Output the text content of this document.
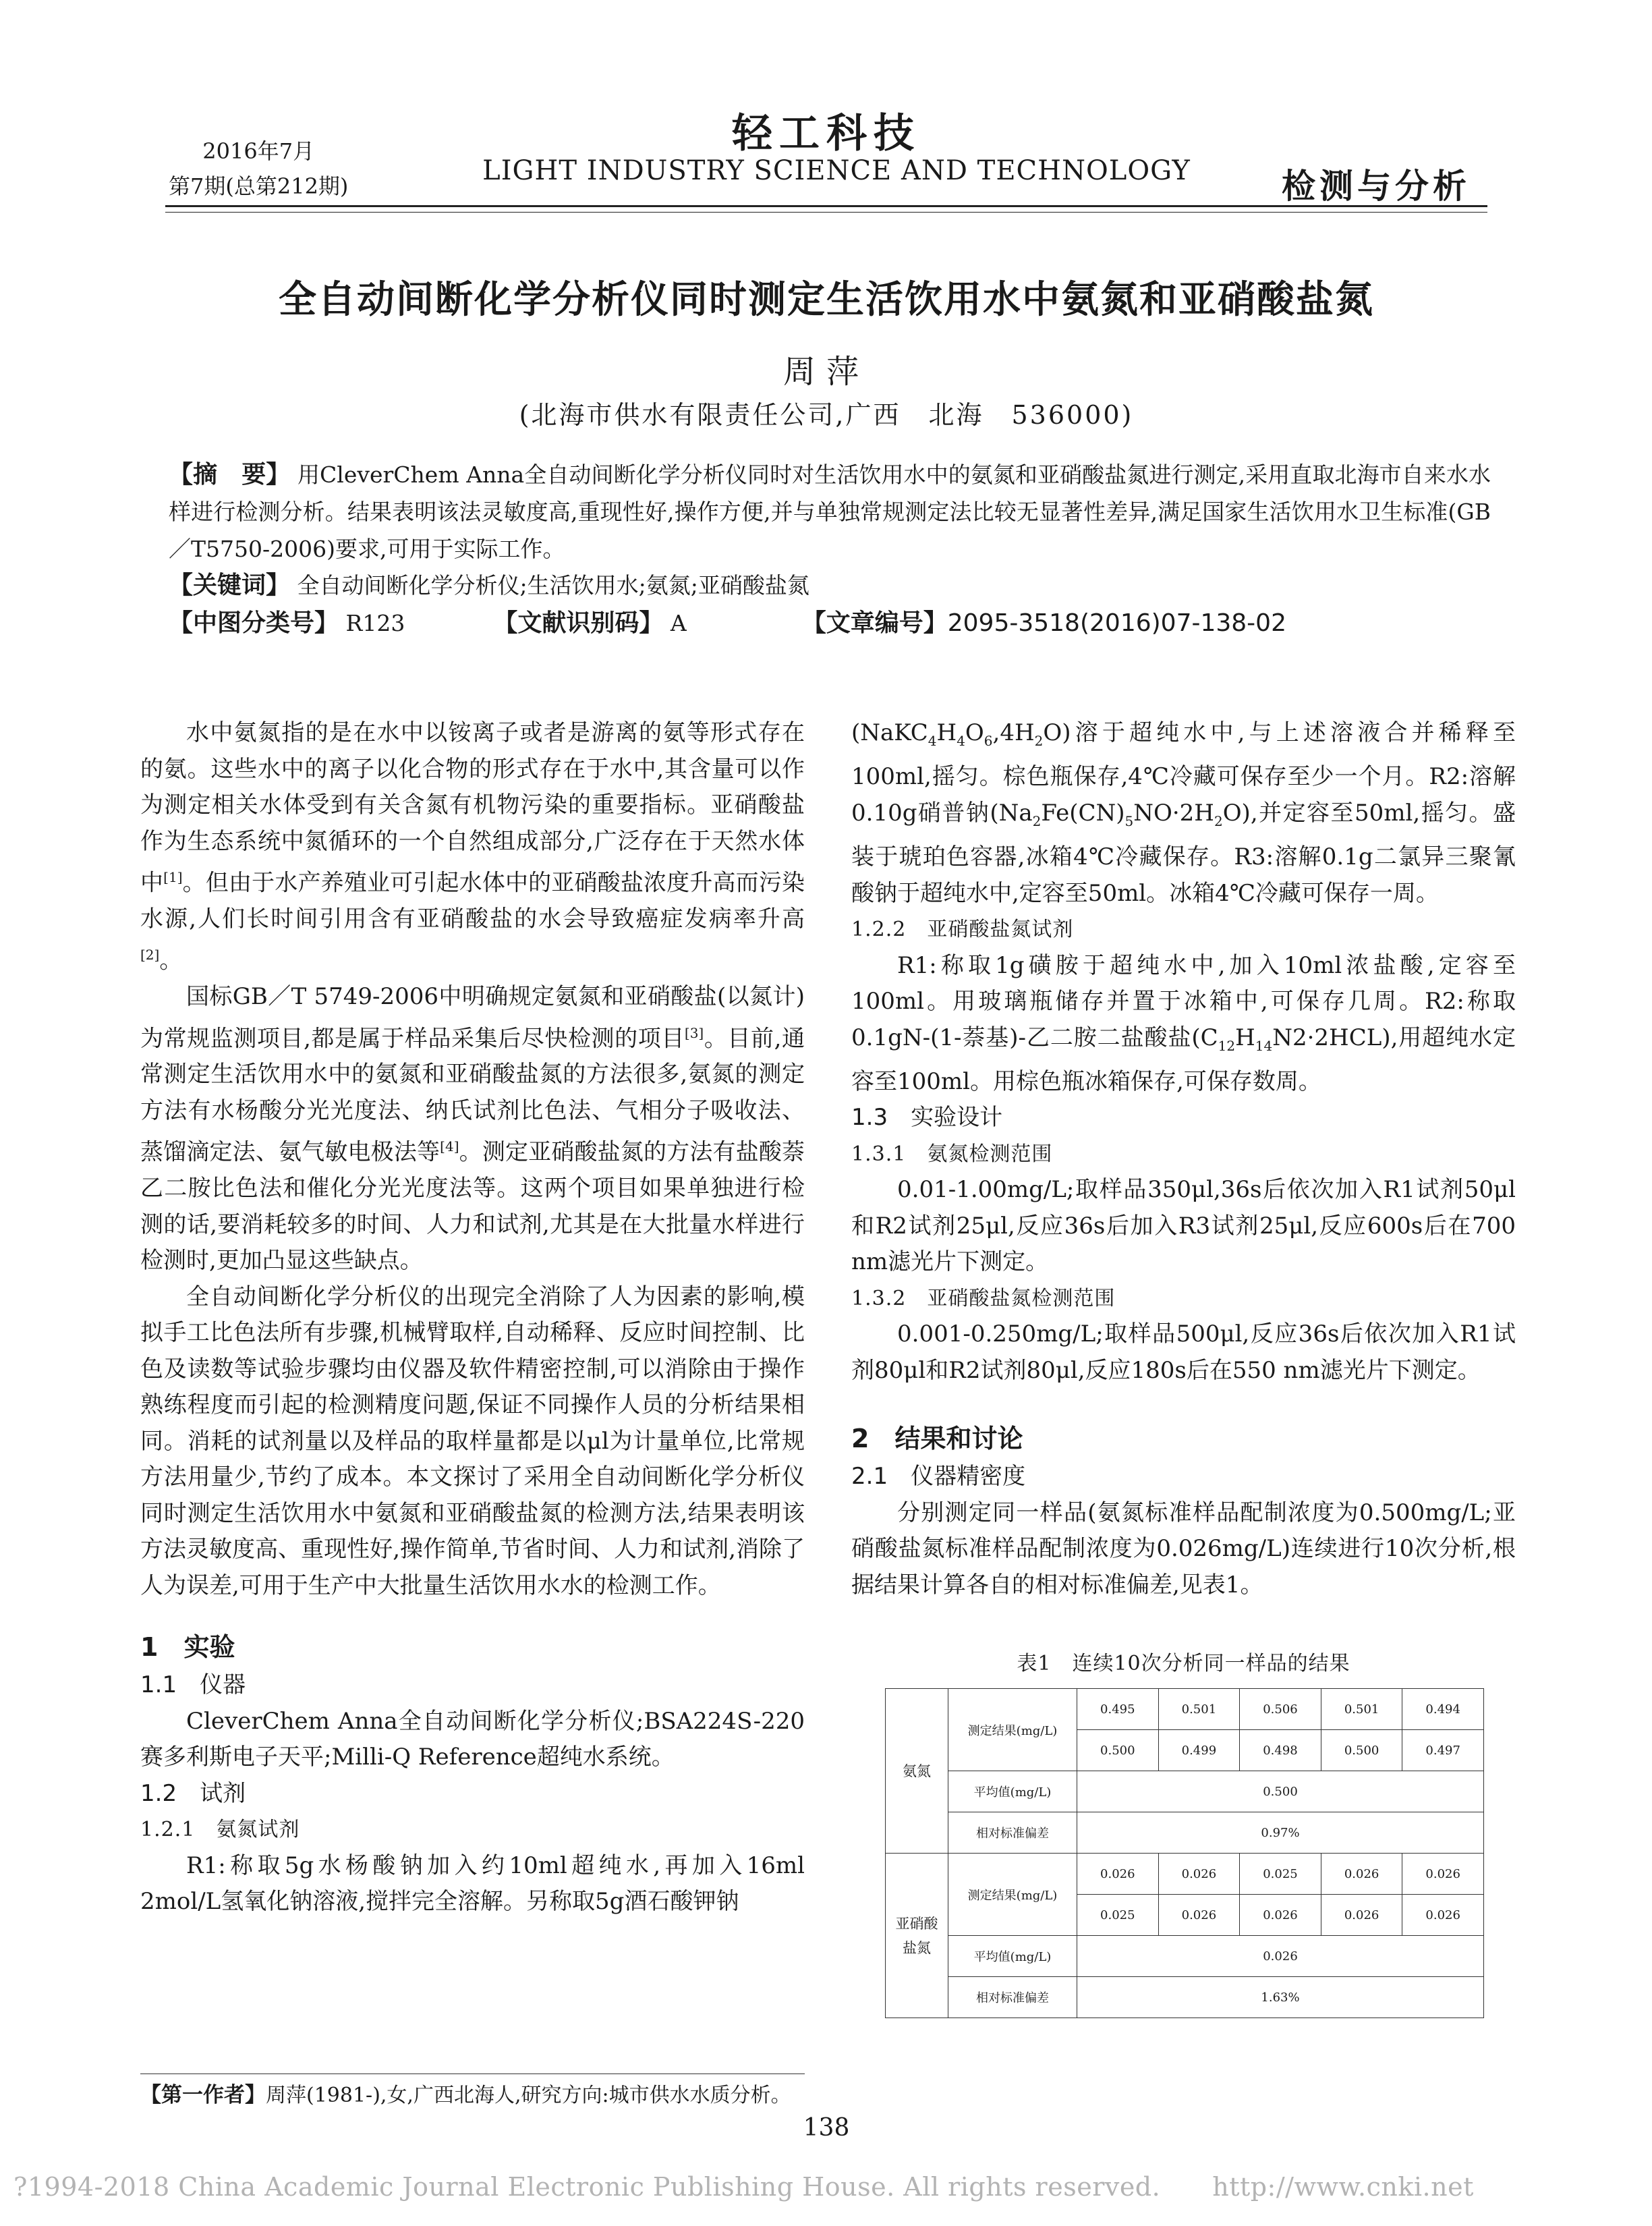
2016年7月
第7期(总第212期)
轻工科技
LIGHT INDUSTRY SCIENCE AND TECHNOLOGY	检测与分析
全自动间断化学分析仪同时测定生活饮用水中氨氮和亚硝酸盐氮
周萍
(北海市供水有限责任公司,广西　北海　536000)
【摘　要】 用CleverChem Anna全自动间断化学分析仪同时对生活饮用水中的氨氮和亚硝酸盐氮进行测定,采用直取北海市自来水水样进行检测分析。结果表明该法灵敏度高,重现性好,操作方便,并与单独常规测定法比较无显著性差异,满足国家生活饮用水卫生标准(GB／T5750-2006)要求,可用于实际工作。
【关键词】 全自动间断化学分析仪;生活饮用水;氨氮;亚硝酸盐氮
【中图分类号】 R123	【文献识别码】 A	【文章编号】2095-3518(2016)07-138-02

水中氨氮指的是在水中以铵离子或者是游离的氨等形式存在的氨。这些水中的离子以化合物的形式存在于水中,其含量可以作为测定相关水体受到有关含氮有机物污染的重要指标。亚硝酸盐作为生态系统中氮循环的一个自然组成部分,广泛存在于天然水体中[1]。但由于水产养殖业可引起水体中的亚硝酸盐浓度升高而污染水源,人们长时间引用含有亚硝酸盐的水会导致癌症发病率升高[2]。

国标GB／T 5749-2006中明确规定氨氮和亚硝酸盐(以氮计)为常规监测项目,都是属于样品采集后尽快检测的项目[3]。目前,通常测定生活饮用水中的氨氮和亚硝酸盐氮的方法很多,氨氮的测定方法有水杨酸分光光度法、纳氏试剂比色法、气相分子吸收法、蒸馏滴定法、氨气敏电极法等[4]。测定亚硝酸盐氮的方法有盐酸萘乙二胺比色法和催化分光光度法等。这两个项目如果单独进行检测的话,要消耗较多的时间、人力和试剂,尤其是在大批量水样进行检测时,更加凸显这些缺点。

全自动间断化学分析仪的出现完全消除了人为因素的影响,模拟手工比色法所有步骤,机械臂取样,自动稀释、反应时间控制、比色及读数等试验步骤均由仪器及软件精密控制,可以消除由于操作熟练程度而引起的检测精度问题,保证不同操作人员的分析结果相同。消耗的试剂量以及样品的取样量都是以μl为计量单位,比常规方法用量少,节约了成本。本文探讨了采用全自动间断化学分析仪同时测定生活饮用水中氨氮和亚硝酸盐氮的检测方法,结果表明该方法灵敏度高、重现性好,操作简单,节省时间、人力和试剂,消除了人为误差,可用于生产中大批量生活饮用水水的检测工作。

1　实验

1.1　仪器

CleverChem Anna全自动间断化学分析仪;BSA224S-220赛多利斯电子天平;Milli-Q Reference超纯水系统。

1.2　试剂

1.2.1　氨氮试剂

R1:称取5g水杨酸钠加入约10ml超纯水,再加入16ml 2mol/L氢氧化钠溶液,搅拌完全溶解。另称取5g酒石酸钾钠

$(NaKC_4H_4O_6,4H_2O)$溶于超纯水中,与上述溶液合并稀释至100ml,摇匀。棕色瓶保存,4℃冷藏可保存至少一个月。R2:溶解0.10g硝普钠$(Na_2Fe(CN)_5NO\cdot 2H_2O)$,并定容至50ml,摇匀。盛装于琥珀色容器,冰箱4℃冷藏保存。R3:溶解0.1g二氯异三聚氰酸钠于超纯水中,定容至50ml。冰箱4℃冷藏可保存一周。

1.2.2　亚硝酸盐氮试剂

R1:称取1g磺胺于超纯水中,加入10ml浓盐酸,定容至100ml。用玻璃瓶储存并置于冰箱中,可保存几周。R2:称取0.1gN-(1-萘基)-乙二胺二盐酸盐$(C_{12}H_{14}N2\cdot 2HCL)$,用超纯水定容至100ml。用棕色瓶冰箱保存,可保存数周。

1.3　实验设计

1.3.1　氨氮检测范围

0.01-1.00mg/L;取样品350μl,36s后依次加入R1试剂50μl和R2试剂25μl,反应36s后加入R3试剂25μl,反应600s后在700 nm滤光片下测定。

1.3.2　亚硝酸盐氮检测范围

0.001-0.250mg/L;取样品500μl,反应36s后依次加入R1试剂80μl和R2试剂80μl,反应180s后在550 nm滤光片下测定。

2　结果和讨论

2.1　仪器精密度

分别测定同一样品(氨氮标准样品配制浓度为0.500mg/L;亚硝酸盐氮标准样品配制浓度为0.026mg/L)连续进行10次分析,根据结果计算各自的相对标准偏差,见表1。

表1　连续10次分析同一样品的结果
氨氮	测定结果(mg/L)	0.495	0.501	0.506	0.501	0.494
		0.500	0.499	0.498	0.500	0.497
	平均值(mg/L)	0.500				
	相对标准偏差	0.97%				
亚硝酸
盐氮	测定结果(mg/L)	0.026	0.026	0.025	0.026	0.026
		0.025	0.026	0.026	0.026	0.026
	平均值(mg/L)	0.026				
	相对标准偏差	1.63%				
【第一作者】周萍(1981-),女,广西北海人,研究方向:城市供水水质分析。
138
?1994-2018 China Academic Journal Electronic Publishing House. All rights reserved.　　http://www.cnki.net
